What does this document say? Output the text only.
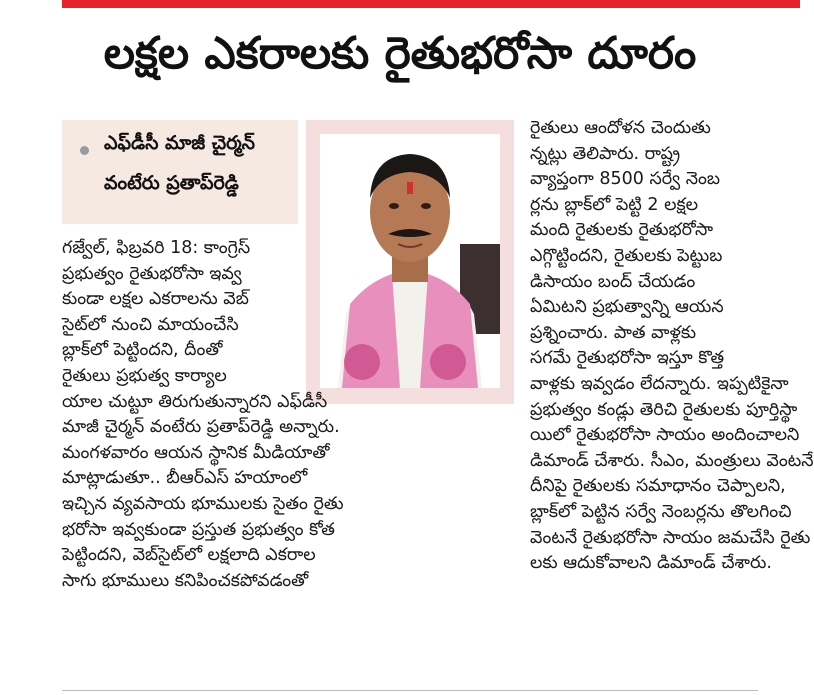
లక్షల ఎకరాలకు రైతుభరోసా దూరం
ఎఫ్‌డీసీ మాజీ చైర్మన్
వంటేరు ప్రతాప్‌రెడ్డి

గజ్వేల్, ఫిబ్రవరి 18: కాంగ్రెస్

ప్రభుత్వం రైతుభరోసా ఇవ్వ

కుండా లక్షల ఎకరాలను వెబ్

సైట్‌లో నుంచి మాయంచేసి

బ్లాక్‌లో పెట్టిందని, దీంతో

రైతులు ప్రభుత్వ కార్యాల

యాల చుట్టూ తిరుగుతున్నారని ఎఫ్‌డీసీ

మాజీ చైర్మన్ వంటేరు ప్రతాప్‌రెడ్డి అన్నారు.

మంగళవారం ఆయన స్థానిక మీడియాతో

మాట్లాడుతూ.. బీఆర్‌ఎస్ హయాంలో

ఇచ్చిన వ్యవసాయ భూములకు సైతం రైతు

భరోసా ఇవ్వకుండా ప్రస్తుత ప్రభుత్వం కోత

పెట్టిందని, వెబ్‌సైట్‌లో లక్షలాది ఎకరాల

సాగు భూములు కనిపించకపోవడంతో

రైతులు ఆందోళన చెందుతు

న్నట్లు తెలిపారు. రాష్ట్ర

వ్యాప్తంగా 8500 సర్వే నెంబ

ర్లను బ్లాక్‌లో పెట్టి 2 లక్షల

మంది రైతులకు రైతుభరోసా

ఎగ్గొట్టిందని, రైతులకు పెట్టుబ

డిసాయం బంద్ చేయడం

ఏమిటని ప్రభుత్వాన్ని ఆయన

ప్రశ్నించారు. పాత వాళ్లకు

సగమే రైతుభరోసా ఇస్తూ కొత్త

వాళ్లకు ఇవ్వడం లేదన్నారు. ఇప్పటికైనా

ప్రభుత్వం కండ్లు తెరిచి రైతులకు పూర్తిస్థా

యిలో రైతుభరోసా సాయం అందించాలని

డిమాండ్ చేశారు. సీఎం, మంత్రులు వెంటనే

దీనిపై రైతులకు సమాధానం చెప్పాలని,

బ్లాక్‌లో పెట్టిన సర్వే నెంబర్లను తొలగించి

వెంటనే రైతుభరోసా సాయం జమచేసి రైతు

లకు ఆదుకోవాలని డిమాండ్ చేశారు.
